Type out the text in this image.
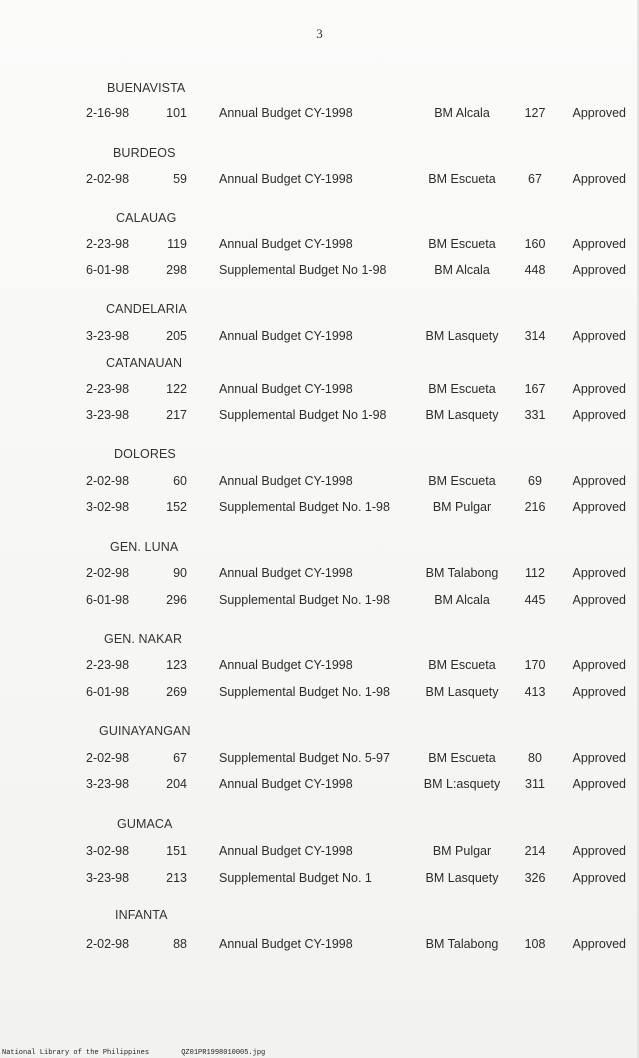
3
BUENAVISTA
2-16-98	101	Annual Budget CY-1998	BM Alcala	127	Approved
BURDEOS
2-02-98	59	Annual Budget CY-1998	BM Escueta	67	Approved
CALAUAG
2-23-98	119	Annual Budget CY-1998	BM Escueta	160	Approved
6-01-98	298	Supplemental Budget No 1-98	BM Alcala	448	Approved
CANDELARIA
3-23-98	205	Annual Budget CY-1998	BM Lasquety	314	Approved
CATANAUAN
2-23-98	122	Annual Budget CY-1998	BM Escueta	167	Approved
3-23-98	217	Supplemental Budget No 1-98	BM Lasquety	331	Approved
DOLORES
2-02-98	60	Annual Budget CY-1998	BM Escueta	69	Approved
3-02-98	152	Supplemental Budget No. 1-98	BM Pulgar	216	Approved
GEN. LUNA
2-02-98	90	Annual Budget CY-1998	BM Talabong	112	Approved
6-01-98	296	Supplemental Budget No. 1-98	BM Alcala	445	Approved
GEN. NAKAR
2-23-98	123	Annual Budget CY-1998	BM Escueta	170	Approved
6-01-98	269	Supplemental Budget No. 1-98	BM Lasquety	413	Approved
GUINAYANGAN
2-02-98	67	Supplemental Budget No. 5-97	BM Escueta	80	Approved
3-23-98	204	Annual Budget CY-1998	BM L:asquety	311	Approved
GUMACA
3-02-98	151	Annual Budget CY-1998	BM Pulgar	214	Approved
3-23-98	213	Supplemental Budget No. 1	BM Lasquety	326	Approved
INFANTA
2-02-98	88	Annual Budget CY-1998	BM Talabong	108	Approved
National Library of the Philippines	QZ01PR1998010005.jpg
